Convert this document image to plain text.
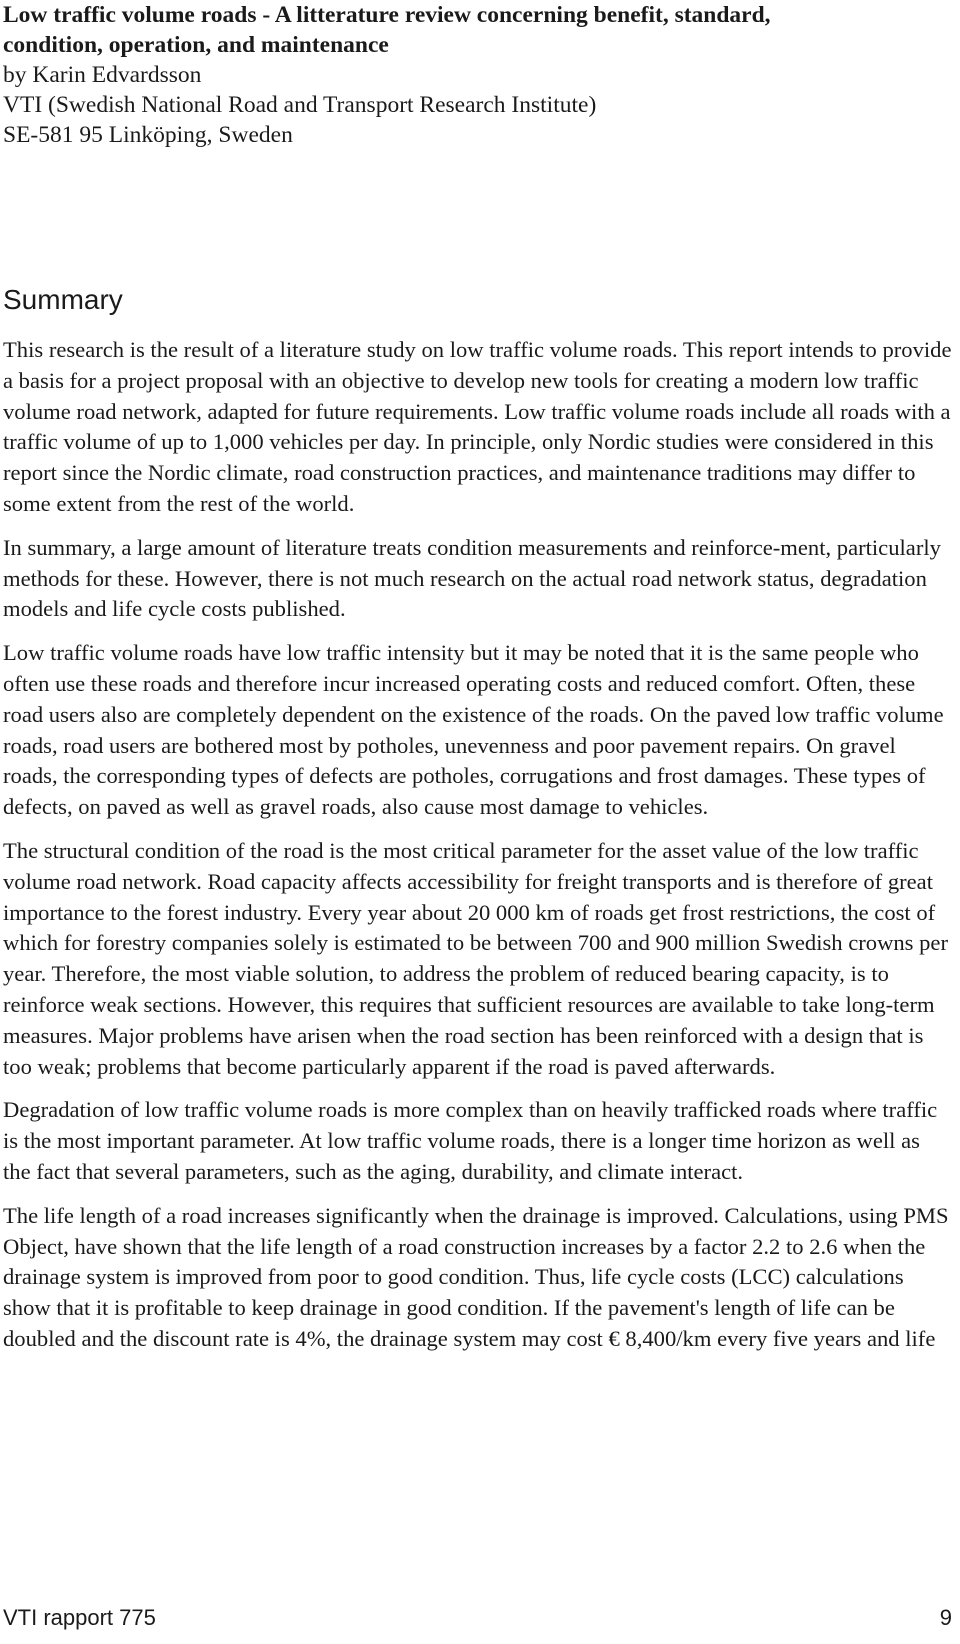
Low traffic volume roads - A litterature review concerning benefit, standard,

condition, operation, and maintenance

by Karin Edvardsson

VTI (Swedish National Road and Transport Research Institute)

SE-581 95 Linköping, Sweden

Summary

This research is the result of a literature study on low traffic volume roads. This report intends to provide a basis for a project proposal with an objective to develop new tools for creating a modern low traffic volume road network, adapted for future requirements. Low traffic volume roads include all roads with a traffic volume of up to 1,000 vehicles per day. In principle, only Nordic studies were considered in this report since the Nordic climate, road construction practices, and maintenance traditions may differ to some extent from the rest of the world.

In summary, a large amount of literature treats condition measurements and reinforce-ment, particularly methods for these. However, there is not much research on the actual road network status, degradation models and life cycle costs published.

Low traffic volume roads have low traffic intensity but it may be noted that it is the same people who often use these roads and therefore incur increased operating costs and reduced comfort. Often, these road users also are completely dependent on the existence of the roads. On the paved low traffic volume roads, road users are bothered most by potholes, unevenness and poor pavement repairs. On gravel roads, the corresponding types of defects are potholes, corrugations and frost damages. These types of defects, on paved as well as gravel roads, also cause most damage to vehicles.

The structural condition of the road is the most critical parameter for the asset value of the low traffic volume road network. Road capacity affects accessibility for freight transports and is therefore of great importance to the forest industry. Every year about 20 000 km of roads get frost restrictions, the cost of which for forestry companies solely is estimated to be between 700 and 900 million Swedish crowns per year. Therefore, the most viable solution, to address the problem of reduced bearing capacity, is to reinforce weak sections. However, this requires that sufficient resources are available to take long-term measures. Major problems have arisen when the road section has been reinforced with a design that is too weak; problems that become particularly apparent if the road is paved afterwards.

Degradation of low traffic volume roads is more complex than on heavily trafficked roads where traffic is the most important parameter. At low traffic volume roads, there is a longer time horizon as well as the fact that several parameters, such as the aging, durability, and climate interact.

The life length of a road increases significantly when the drainage is improved. Calculations, using PMS Object, have shown that the life length of a road construction increases by a factor 2.2 to 2.6 when the drainage system is improved from poor to good condition. Thus, life cycle costs (LCC) calculations show that it is profitable to keep drainage in good condition. If the pavement's length of life can be doubled and the discount rate is 4%, the drainage system may cost € 8,400/km every five years and life

VTI rapport 775	9
